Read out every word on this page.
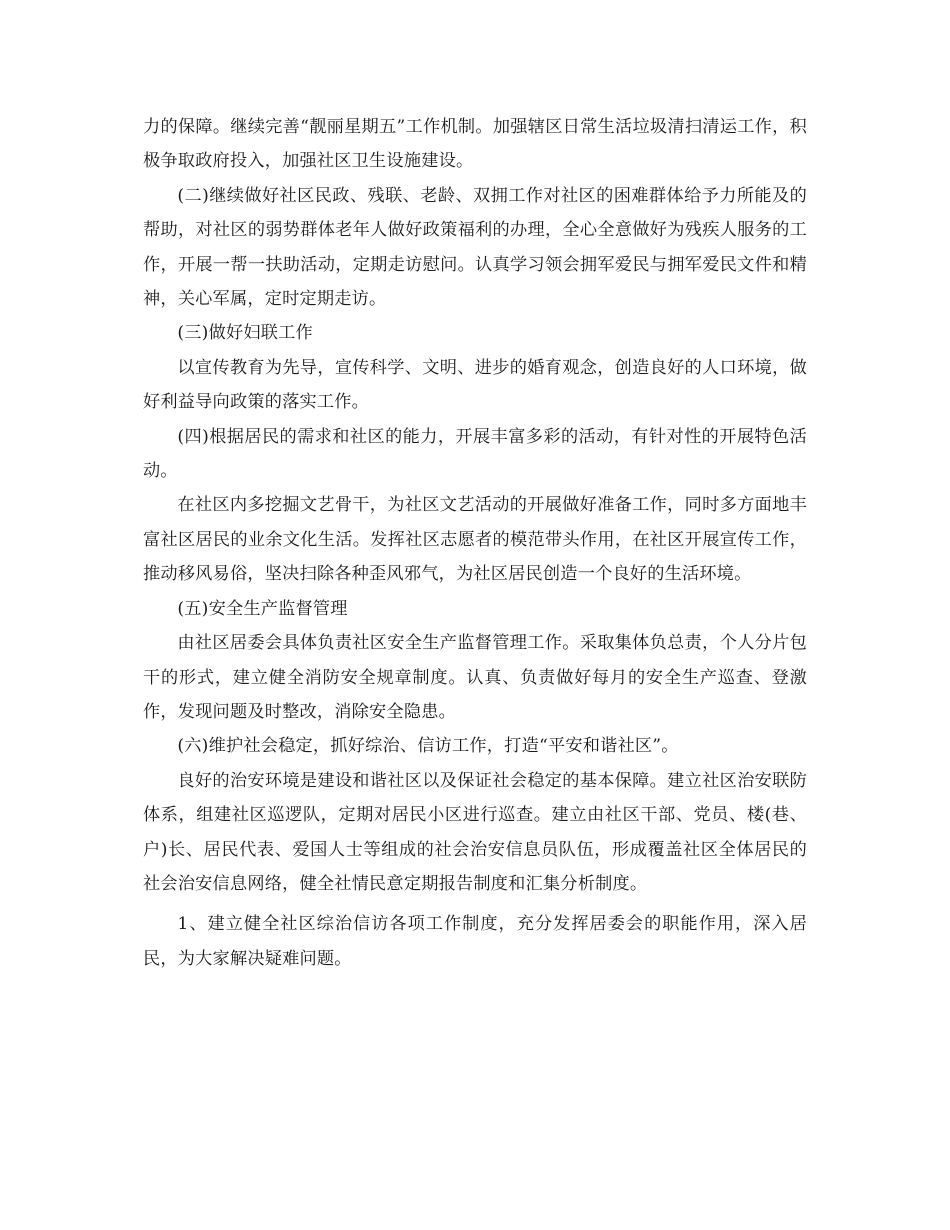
力的保障。继续完善“靓丽星期五”工作机制。加强辖区日常生活垃圾清扫清运工作，积极争取政府投入，加强社区卫生设施建设。

(二)继续做好社区民政、残联、老龄、双拥工作对社区的困难群体给予力所能及的帮助，对社区的弱势群体老年人做好政策福利的办理，全心全意做好为残疾人服务的工作，开展一帮一扶助活动，定期走访慰问。认真学习领会拥军爱民与拥军爱民文件和精神，关心军属，定时定期走访。

(三)做好妇联工作

以宣传教育为先导，宣传科学、文明、进步的婚育观念，创造良好的人口环境，做好利益导向政策的落实工作。

(四)根据居民的需求和社区的能力，开展丰富多彩的活动，有针对性的开展特色活动。

在社区内多挖掘文艺骨干，为社区文艺活动的开展做好准备工作，同时多方面地丰富社区居民的业余文化生活。发挥社区志愿者的模范带头作用，在社区开展宣传工作，推动移风易俗，坚决扫除各种歪风邪气，为社区居民创造一个良好的生活环境。

(五)安全生产监督管理

由社区居委会具体负责社区安全生产监督管理工作。采取集体负总责，个人分片包干的形式，建立健全消防安全规章制度。认真、负责做好每月的安全生产巡查、登激作，发现问题及时整改，消除安全隐患。

(六)维护社会稳定，抓好综治、信访工作，打造“平安和谐社区”。

良好的治安环境是建设和谐社区以及保证社会稳定的基本保障。建立社区治安联防体系，组建社区巡逻队，定期对居民小区进行巡查。建立由社区干部、党员、楼(巷、户)长、居民代表、爱国人士等组成的社会治安信息员队伍，形成覆盖社区全体居民的社会治安信息网络，健全社情民意定期报告制度和汇集分析制度。

1、建立健全社区综治信访各项工作制度，充分发挥居委会的职能作用，深入居民，为大家解决疑难问题。
